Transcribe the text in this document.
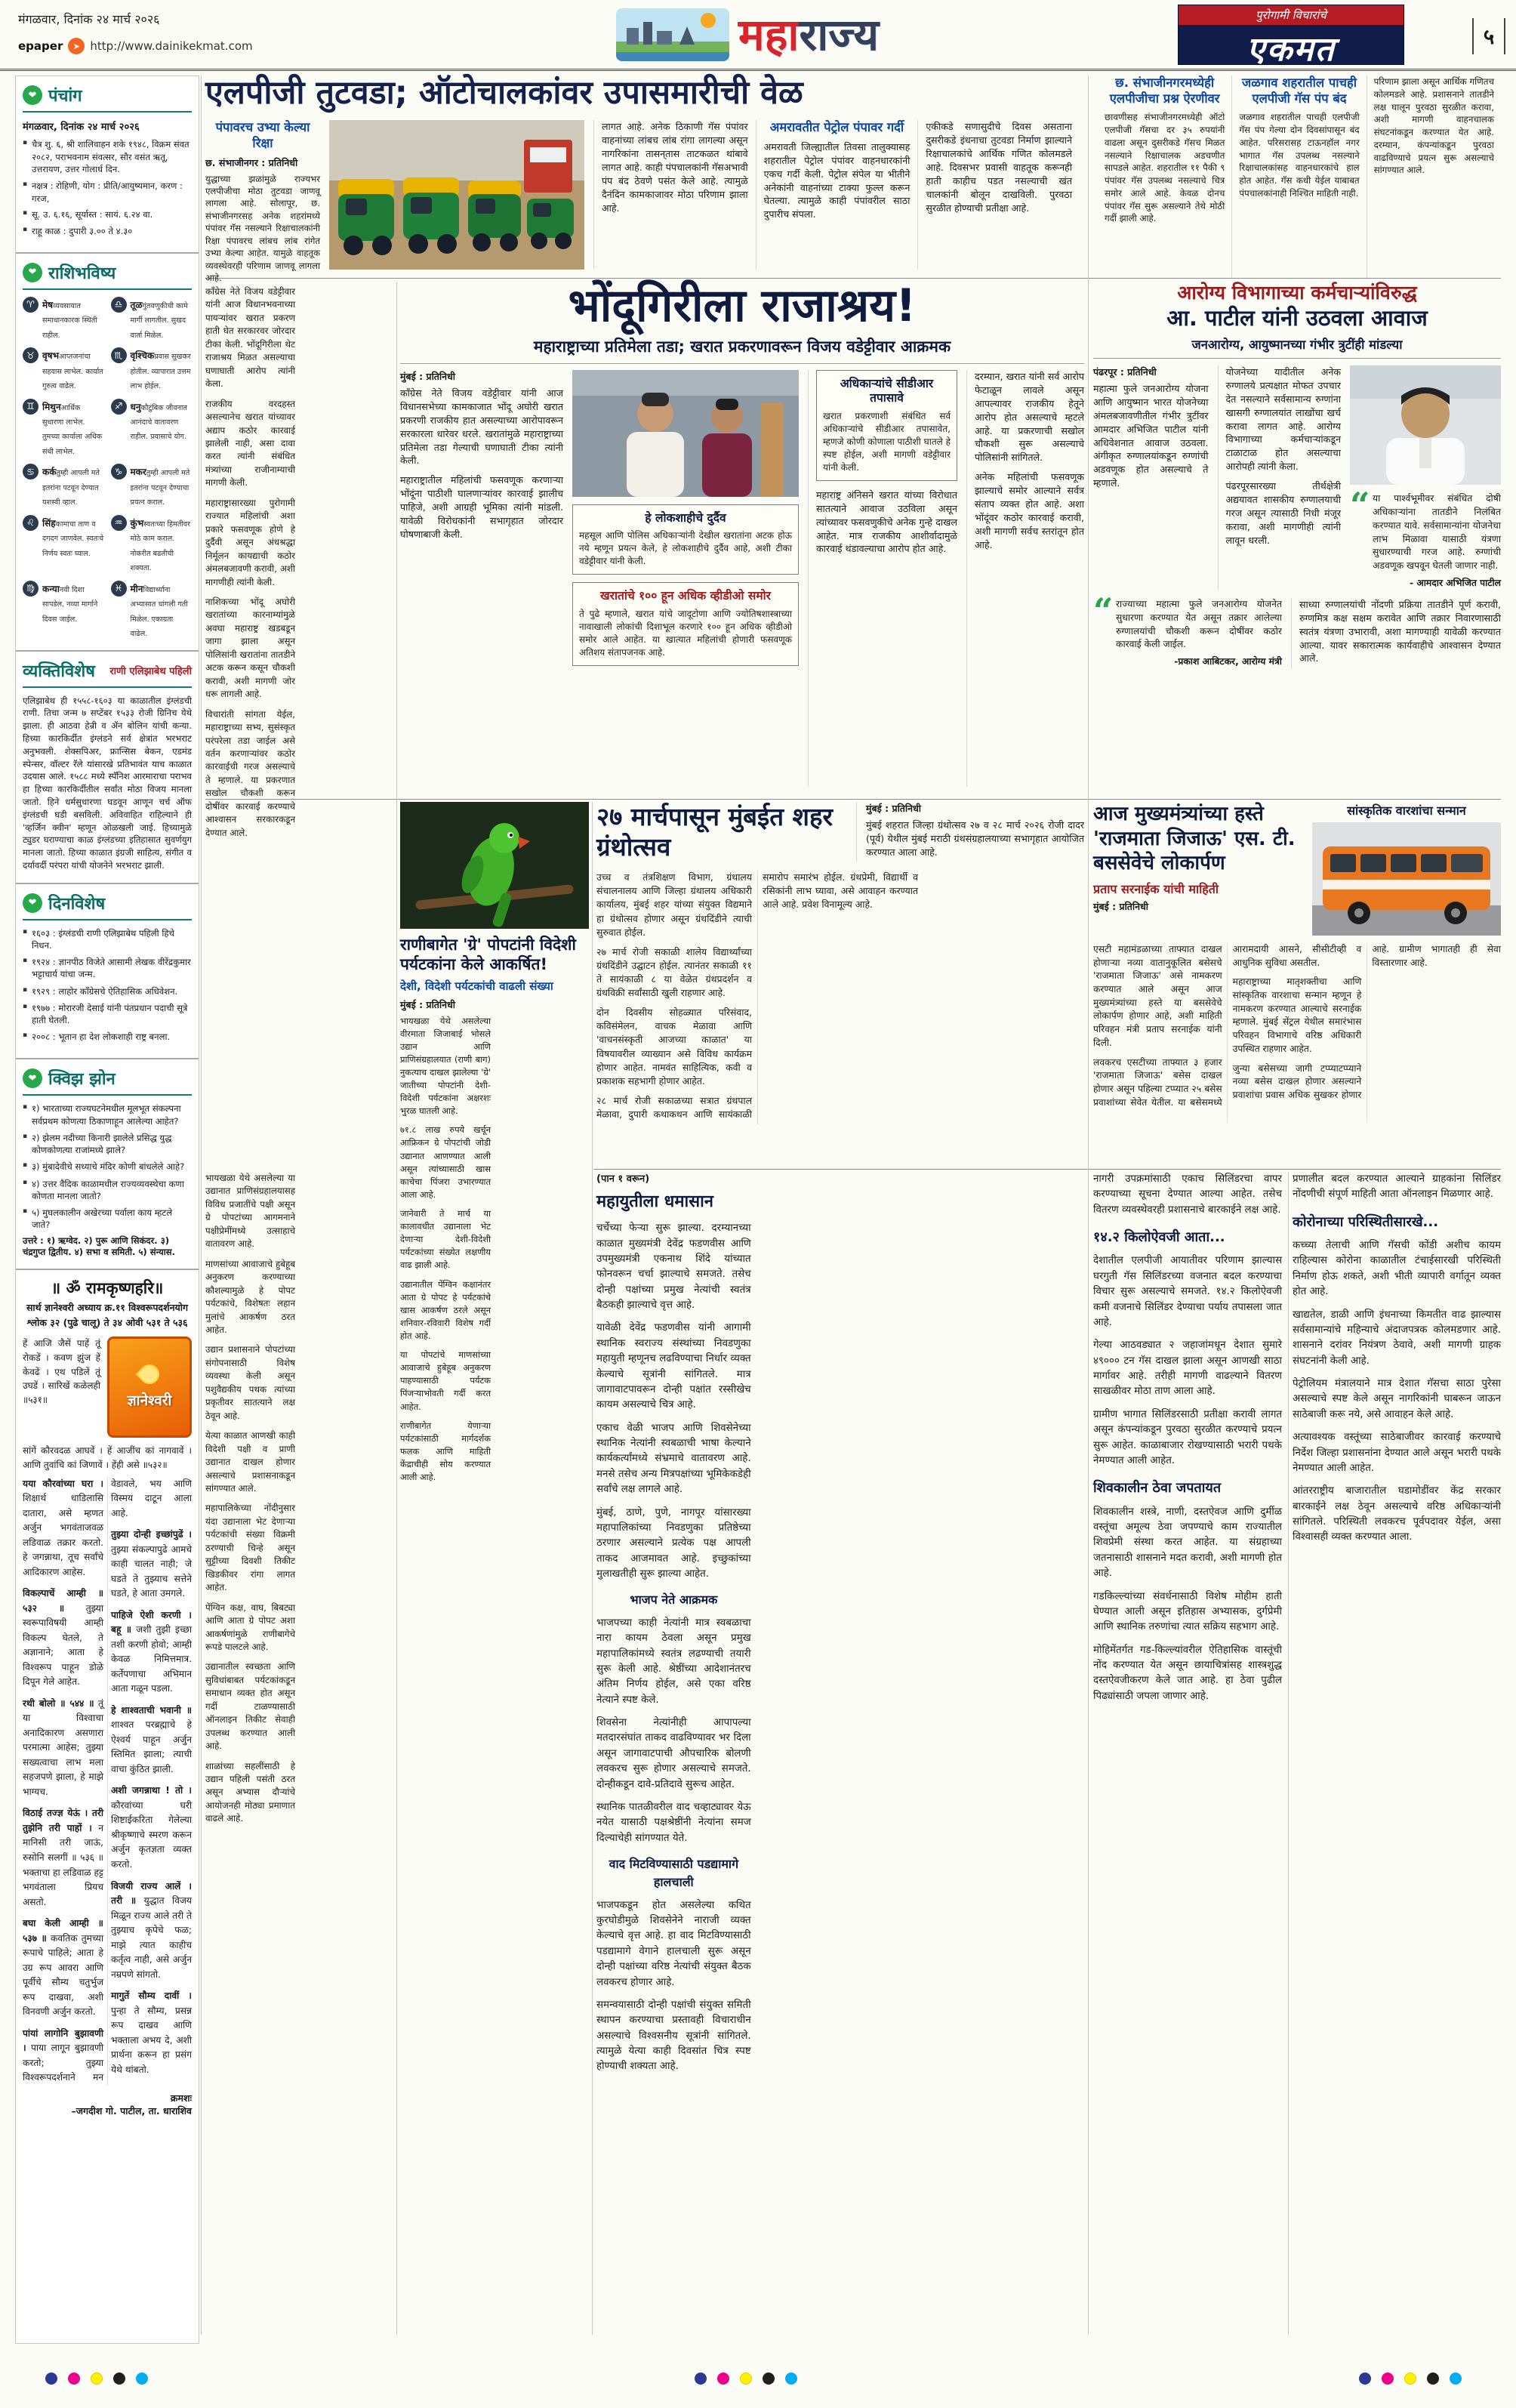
मंगळवार, दिनांक २४ मार्च २०२६
epaper	➤ http://www.dainikekmat.com	महाराज्य	पुरोगामी विचारांचे
एकमत	५
❤ पंचांग
मंगळवार, दिनांक २४ मार्च २०२६
▪ चैत्र शु. ६, श्री शालिवाहन शके १९४८, विक्रम संवत २०८२, पराभवनाम संवत्सर, सौर वसंत ऋतू, उत्तरायण, उत्तर गोलार्ध दिन.
▪ नक्षत्र : रोहिणी, योग : प्रीति/आयुष्यमान, करण : गरज,
▪ सू. उ. ६.१६, सूर्यास्त : सायं. ६.२४ वा.
▪ राहू काळ : दुपारी ३.०० ते ४.३०
❤ राशिभविष्य
♈ मेषव्यवसायात समाधानकारक स्थिती राहील.
♉ वृषभआप्तजनांचा सहवास लाभेल. कार्यात गुरुत्व वाढेल.
♊ मिथुनआर्थिक सुधारणा लाभेल. तुमच्या कार्याला अधिक संधी लाभेल.
♋ कर्कतुम्ही आपली मते इतरांना पटवून देण्यात यशस्वी व्हाल.
♌ सिंहकामाचा ताण व दगदग जाणवेल. स्वतःचे निर्णय स्वतः घ्याल.
♍ कन्यानवी दिशा सापडेल, नव्या मार्गाने दिवस जाईल.
♎ तूळगुंतवणुकीची कामे मार्गी लागतील. सुखद वार्ता मिळेल.
♏ वृश्चिकप्रवास सुखकर होतील. व्यापारात उत्तम लाभ होईल.
♐ धनुकौटुंबिक जीवनात आनंदाचे वातावरण राहील. प्रवासाचे योग.
♑ मकरतुम्ही आपली मते इतरांना पटवून देण्याचा प्रयत्न कराल.
♒ कुंभस्वतःच्या हिमतीवर मोठे काम कराल. नोकरीत बढतीची शक्यता.
♓ मीनविद्यार्थ्यांना अभ्यासात चांगली गती मिळेल. एकाग्रता वाढेल.
व्यक्तिविशेष राणी एलिझाबेथ पहिली
एलिझाबेथ ही १५५८-१६०३ या काळातील इंग्लंडची राणी. तिचा जन्म ७ सप्टेंबर १५३३ रोजी ग्रिनिच येथे झाला. ही आठवा हेन्री व ॲन बोलिन यांची कन्या. हिच्या कारकिर्दीत इंग्लंडने सर्व क्षेत्रांत भरभराट अनुभवली. शेक्सपिअर, फ्रान्सिस बेकन, एडमंड स्पेन्सर, वॉल्टर रॅले यांसारखे प्रतिभावंत याच काळात उदयास आले. १५८८ मध्ये स्पॅनिश आरमाराचा पराभव हा हिच्या कारकिर्दीतील सर्वांत मोठा विजय मानला जातो. हिने धर्मसुधारणा घडवून आणून चर्च ऑफ इंग्लंडची घडी बसविली. अविवाहित राहिल्याने ही 'व्हर्जिन क्वीन' म्हणून ओळखली जाई. हिच्यामुळे ट्युडर घराण्याचा काळ इंग्लंडच्या इतिहासात सुवर्णयुग मानला जातो. हिच्या काळात इंग्रजी साहित्य, संगीत व दर्यावर्दी परंपरा यांची योजनेने भरभराट झाली.
❤ दिनविशेष
▪ १६०३ : इंग्लंडची राणी एलिझाबेथ पहिली हिचे निधन.
▪ १९२४ : ज्ञानपीठ विजेते आसामी लेखक वीरेंद्रकुमार भट्टाचार्य यांचा जन्म.
▪ १९२९ : लाहोर काँग्रेसचे ऐतिहासिक अधिवेशन.
▪ १९७७ : मोरारजी देसाई यांनी पंतप्रधान पदाची सूत्रे हाती घेतली.
▪ २००८ : भूतान हा देश लोकशाही राष्ट्र बनला.
❤ क्विझ झोन
▪ १) भारताच्या राज्यघटनेमधील मूलभूत संकल्पना सर्वप्रथम कोणत्या ठिकाणाहून आलेल्या आहेत?
▪ २) झेलम नदीच्या किनारी झालेले प्रसिद्ध युद्ध कोणकोणत्या राजांमध्ये झाले?
▪ ३) मुंबादेवीचे सध्याचे मंदिर कोणी बांधलेले आहे?
▪ ४) उत्तर वैदिक काळामधील राज्यव्यवस्थेचा कणा कोणता मानला जातो?
▪ ५) मुघलकालीन अखेरच्या पर्वाला काय म्हटले जाते?
उत्तरे : १) ऋग्वेद. २) पुरू आणि सिकंदर. ३) चंद्रगुप्त द्वितीय. ४) सभा व समिती. ५) संन्यास.
॥ ॐ रामकृष्णहरि॥
सार्थ ज्ञानेश्वरी अध्याय क्र.११ विश्वरूपदर्शनयोग
श्लोक ३२ (पुढे चालू) ते ३४ ओवी ५३१ ते ५३६
हें आजि जैसें पाहें तूं रोकडें । कवण झुंज हें केवढें । एथ पडिलें तूं उघडें । सारिखें कळेलही ॥५३१॥	ज्ञानेश्वरी
सांगें कौरवदळ आघवें । हें आजींच कां नागवावें । आणि तुवांचि कां जिणावें । हेंही असे ॥५३२॥

यया कौरवांच्या घरा । शिक्षार्थ धाडिलासि दातारा, असे म्हणत अर्जुन भगवंताजवळ लडिवाळ तक्रार करतो. हे जगन्नाथा, तूच सर्वांचे आदिकारण आहेस.

विकल्पाचें आम्ही ॥ ५३२ ॥ तुझ्या स्वरूपाविषयी आम्ही विकल्प घेतले, ते अज्ञानाने; आता हे विश्वरूप पाहून डोळे दिपून गेले आहेत.

रथी बोलो ॥ ५४४ ॥ तूं या विश्वाचा अनादिकारण असणारा परमात्मा आहेस; तुझ्या सख्यत्वाचा लाभ मला सहजपणे झाला, हे माझे भाग्यच.

विठाई तज्ज्ञ येऊं । तरी तुझेनि तरी पाहों । न मानिसी तरी जाऊं, रुसोनि सलगीं ॥ ५३६ ॥ भक्ताचा हा लडिवाळ हट्ट भगवंताला प्रियच असतो.

बघा केली आम्ही ॥ ५३७ ॥ कवतिक तुमच्या रूपाचे पाहिले; आता हे उग्र रूप आवरा आणि पूर्वीचे सौम्य चतुर्भुज रूप दाखवा, अशी विनवणी अर्जुन करतो.

पांयां लागोनि बुझावणी । पाया लागून बुझावणी करतो; तुझ्या विश्वरूपदर्शनाने मन वेडावले, भय आणि विस्मय दाटून आला आहे.

तुझ्या दोन्ही इच्छांपुढें । तुझ्या संकल्पापुढे आमचे काही चालत नाही; जे घडते ते तुझ्याच सत्तेने घडते, हे आता उमगले.

पाहिजे ऐशी करणी । बहू ॥ जशी तुझी इच्छा तशी करणी होवो; आम्ही केवळ निमित्तमात्र. कर्तेपणाचा अभिमान आता गळून पडला.

हे शाश्वताची भवानी ॥ शाश्वत परब्रह्माचे हे ऐश्वर्य पाहून अर्जुन स्तिमित झाला; त्याची वाचा कुंठित झाली.

अशी जगन्नाथा ! तो । कौरवांच्या घरी शिष्टाईकरिता गेलेल्या श्रीकृष्णाचे स्मरण करून अर्जुन कृतज्ञता व्यक्त करतो.

विजयी राज्य आलें । तरी ॥ युद्धात विजय मिळून राज्य आले तरी ते तुझ्याच कृपेचे फळ; माझे त्यात काहीच कर्तृत्व नाही, असे अर्जुन नम्रपणे सांगतो.

मागुतें सौम्य दावीं । पुन्हा ते सौम्य, प्रसन्न रूप दाखव आणि भक्ताला अभय दे, अशी प्रार्थना करून हा प्रसंग येथे थांबतो.

क्रमशः
–जगदीश गो. पाटील, ता. धाराशिव
एलपीजी तुटवडा; ऑटोचालकांवर उपासमारीची वेळ
पंपावरच उभ्या केल्या रिक्षा
छ. संभाजीनगर : प्रतिनिधी
युद्धाच्या झळांमुळे राज्यभर एलपीजीचा मोठा तुटवडा जाणवू लागला आहे. सोलापूर, छ. संभाजीनगरसह अनेक शहरांमध्ये पंपांवर गॅस नसल्याने रिक्षाचालकांनी रिक्षा पंपावरच लांबच लांब रांगेत उभ्या केल्या आहेत. यामुळे वाहतूक व्यवस्थेवरही परिणाम जाणवू लागला आहे.
लागत आहे. अनेक ठिकाणी गॅस पंपांवर वाहनांच्या लांबच लांब रांगा लागल्या असून नागरिकांना तासन्‌तास ताटकळत थांबावे लागत आहे. काही पंपचालकांनी गॅसअभावी पंप बंद ठेवणे पसंत केले आहे. त्यामुळे दैनंदिन कामकाजावर मोठा परिणाम झाला आहे.
अमरावतीत पेट्रोल पंपावर गर्दी
अमरावती जिल्ह्यातील तिवसा तालुक्यासह शहरातील पेट्रोल पंपांवर वाहनधारकांनी एकच गर्दी केली. पेट्रोल संपेल या भीतीने अनेकांनी वाहनांच्या टाक्या फुल्ल करून घेतल्या. त्यामुळे काही पंपांवरील साठा दुपारीच संपला.
एकीकडे सणासुदीचे दिवस असताना दुसरीकडे इंधनाचा तुटवडा निर्माण झाल्याने रिक्षाचालकांचे आर्थिक गणित कोलमडले आहे. दिवसभर प्रवासी वाहतूक करूनही हाती काहीच पडत नसल्याची खंत चालकांनी बोलून दाखविली. पुरवठा सुरळीत होण्याची प्रतीक्षा आहे.
छ. संभाजीनगरमध्येही एलपीजीचा प्रश्न ऐरणीवर
छावणीसह संभाजीनगरमध्येही ऑटो एलपीजी गॅसचा दर ३५ रुपयांनी वाढला असून दुसरीकडे गॅसच मिळत नसल्याने रिक्षाचालक अडचणीत सापडले आहेत. शहरातील ११ पैकी ९ पंपांवर गॅस उपलब्ध नसल्याचे चित्र समोर आले आहे. केवळ दोनच पंपांवर गॅस सुरू असल्याने तेथे मोठी गर्दी झाली आहे.
जळगाव शहरातील पाचही एलपीजी गॅस पंप बंद
जळगाव शहरातील पाचही एलपीजी गॅस पंप गेल्या दोन दिवसांपासून बंद आहेत. परिसरासह टाऊनहॉल नगर भागात गॅस उपलब्ध नसल्याने रिक्षाचालकांसह वाहनधारकांचे हाल होत आहेत. गॅस कधी येईल याबाबत पंपचालकांनाही निश्चित माहिती नाही.
परिणाम झाला असून आर्थिक गणितच कोलमडले आहे. प्रशासनाने तातडीने लक्ष घालून पुरवठा सुरळीत करावा, अशी मागणी वाहनचालक संघटनांकडून करण्यात येत आहे. दरम्यान, कंपन्यांकडून पुरवठा वाढविण्याचे प्रयत्न सुरू असल्याचे सांगण्यात आले.

काँग्रेस नेते विजय वडेट्टीवार यांनी आज विधानभवनाच्या पायऱ्यांवर खरात प्रकरण हाती घेत सरकारवर जोरदार टीका केली. भोंदूगिरीला थेट राजाश्रय मिळत असल्याचा घणाघाती आरोप त्यांनी केला.

राजकीय वरदहस्त असल्यानेच खरात यांच्यावर अद्याप कठोर कारवाई झालेली नाही, असा दावा करत त्यांनी संबंधित मंत्र्यांच्या राजीनाम्याची मागणी केली.

महाराष्ट्रासारख्या पुरोगामी राज्यात महिलांची अशा प्रकारे फसवणूक होणे हे दुर्दैवी असून अंधश्रद्धा निर्मूलन कायद्याची कठोर अंमलबजावणी करावी, अशी मागणीही त्यांनी केली.

नाशिकच्या भोंदू अघोरी खरातांच्या कारनाम्यांमुळे अवघा महाराष्ट्र खडबडून जागा झाला असून पोलिसांनी खरातांना तातडीने अटक करून कसून चौकशी करावी, अशी मागणी जोर धरू लागली आहे.

विचारांती सांगता येईल, महाराष्ट्राच्या सभ्य, सुसंस्कृत परंपरेला तडा जाईल असे वर्तन करणाऱ्यांवर कठोर कारवाईची गरज असल्याचे ते म्हणाले. या प्रकरणात सखोल चौकशी करून दोषींवर कारवाई करण्याचे आश्वासन सरकारकडून देण्यात आले.

भोंदूगिरीला राजाश्रय!
महाराष्ट्राच्या प्रतिमेला तडा; खरात प्रकरणावरून विजय वडेट्टीवार आक्रमक
मुंबई : प्रतिनिधी

काँग्रेस नेते विजय वडेट्टीवार यांनी आज विधानसभेच्या कामकाजात भोंदू अघोरी खरात प्रकरणी राजकीय हात असल्याच्या आरोपावरून सरकारला धारेवर धरले. खरातांमुळे महाराष्ट्राच्या प्रतिमेला तडा गेल्याची घणाघाती टीका त्यांनी केली.

महाराष्ट्रातील महिलांची फसवणूक करणाऱ्या भोंदूंना पाठीशी घालणाऱ्यांवर कारवाई झालीच पाहिजे, अशी आग्रही भूमिका त्यांनी मांडली. यावेळी विरोधकांनी सभागृहात जोरदार घोषणाबाजी केली.

हे लोकशाहीचे दुर्दैव
महसूल आणि पोलिस अधिकाऱ्यांनी देखील खरातांना अटक होऊ नये म्हणून प्रयत्न केले, हे लोकशाहीचे दुर्दैव आहे, अशी टीका वडेट्टीवार यांनी केली.
खरातांचे १०० हून अधिक व्हीडीओ समोर
ते पुढे म्हणाले, खरात यांचे जादूटोणा आणि ज्योतिषशास्त्राच्या नावाखाली लोकांची दिशाभूल करणारे १०० हून अधिक व्हीडीओ समोर आले आहेत. या खात्यात महिलांची होणारी फसवणूक अतिशय संतापजनक आहे.
अधिकाऱ्यांचे सीडीआर तपासावे
खरात प्रकरणाशी संबंधित सर्व अधिकाऱ्यांचे सीडीआर तपासावेत, म्हणजे कोणी कोणाला पाठीशी घातले हे स्पष्ट होईल, अशी मागणी वडेट्टीवार यांनी केली.
महाराष्ट्र अंनिसने खरात यांच्या विरोधात सातत्याने आवाज उठविला असून त्यांच्यावर फसवणुकीचे अनेक गुन्हे दाखल आहेत. मात्र राजकीय आशीर्वादामुळे कारवाई थंडावल्याचा आरोप होत आहे.

दरम्यान, खरात यांनी सर्व आरोप फेटाळून लावले असून आपल्यावर राजकीय हेतूने आरोप होत असल्याचे म्हटले आहे. या प्रकरणाची सखोल चौकशी सुरू असल्याचे पोलिसांनी सांगितले.

अनेक महिलांची फसवणूक झाल्याचे समोर आल्याने सर्वत्र संताप व्यक्त होत आहे. अशा भोंदूंवर कठोर कारवाई करावी, अशी मागणी सर्वच स्तरांतून होत आहे.

आरोग्य विभागाच्या कर्मचाऱ्यांविरुद्ध
आ. पाटील यांनी उठवला आवाज
जनआरोग्य, आयुष्मानच्या गंभीर त्रुटींही मांडल्या
पंढरपूर : प्रतिनिधी
महात्मा फुले जनआरोग्य योजना आणि आयुष्मान भारत योजनेच्या अंमलबजावणीतील गंभीर त्रुटींवर आमदार अभिजित पाटील यांनी अधिवेशनात आवाज उठवला. अंगीकृत रुग्णालयांकडून रुग्णांची अडवणूक होत असल्याचे ते म्हणाले.

योजनेच्या यादीतील अनेक रुग्णालये प्रत्यक्षात मोफत उपचार देत नसल्याने सर्वसामान्य रुग्णांना खासगी रुग्णालयांत लाखोंचा खर्च करावा लागत आहे. आरोग्य विभागाच्या कर्मचाऱ्यांकडून टाळाटाळ होत असल्याचा आरोपही त्यांनी केला.

पंढरपूरसारख्या तीर्थक्षेत्री अद्ययावत शासकीय रुग्णालयाची गरज असून त्यासाठी निधी मंजूर करावा, अशी मागणीही त्यांनी लावून धरली.

“ या पार्श्वभूमीवर संबंधित दोषी अधिकाऱ्यांना तातडीने निलंबित करण्यात यावे. सर्वसामान्यांना योजनेचा लाभ मिळावा यासाठी यंत्रणा सुधारण्याची गरज आहे. रुग्णांची अडवणूक खपवून घेतली जाणार नाही.
- आमदार अभिजित पाटील
“ राज्याच्या महात्मा फुले जनआरोग्य योजनेत सुधारणा करण्यात येत असून तक्रार आलेल्या रुग्णालयांची चौकशी करून दोषींवर कठोर कारवाई केली जाईल.
-प्रकाश आबिटकर, आरोग्य मंत्री
साध्या रुग्णालयांची नोंदणी प्रक्रिया तातडीने पूर्ण करावी, रुग्णमित्र कक्ष सक्षम करावेत आणि तक्रार निवारणासाठी स्वतंत्र यंत्रणा उभारावी, अशा मागण्याही यावेळी करण्यात आल्या. यावर सकारात्मक कार्यवाहीचे आश्वासन देण्यात आले.
राणीबागेत 'ग्रे' पोपटांनी विदेशी पर्यटकांना केले आकर्षित!
देशी, विदेशी पर्यटकांची वाढली संख्या
मुंबई : प्रतिनिधी

भायखळा येथे असलेल्या वीरमाता जिजाबाई भोसले उद्यान आणि प्राणिसंग्रहालयात (राणी बाग) नुकत्याच दाखल झालेल्या 'ग्रे' जातीच्या पोपटांनी देशी-विदेशी पर्यटकांना अक्षरशः भुरळ घातली आहे.

७१.८ लाख रुपये खर्चून आफ्रिकन ग्रे पोपटांची जोडी उद्यानात आणण्यात आली असून त्यांच्यासाठी खास काचेचा पिंजरा उभारण्यात आला आहे.

जानेवारी ते मार्च या कालावधीत उद्यानाला भेट देणाऱ्या देशी-विदेशी पर्यटकांच्या संख्येत लक्षणीय वाढ झाली आहे.

उद्यानातील पेंग्विन कक्षानंतर आता ग्रे पोपट हे पर्यटकांचे खास आकर्षण ठरले असून शनिवार-रविवारी विशेष गर्दी होत आहे.

या पोपटांचे माणसांच्या आवाजाचे हुबेहूब अनुकरण पाहण्यासाठी पर्यटक पिंजऱ्याभोवती गर्दी करत आहेत.

राणीबागेत येणाऱ्या पर्यटकांसाठी मार्गदर्शक फलक आणि माहिती केंद्राचीही सोय करण्यात आली आहे.

२७ मार्चपासून मुंबईत शहर ग्रंथोत्सव
मुंबई : प्रतिनिधी
मुंबई शहरात जिल्हा ग्रंथोत्सव २७ व २८ मार्च २०२६ रोजी दादर (पूर्व) येथील मुंबई मराठी ग्रंथसंग्रहालयाच्या सभागृहात आयोजित करण्यात आला आहे.

उच्च व तंत्रशिक्षण विभाग, ग्रंथालय संचालनालय आणि जिल्हा ग्रंथालय अधिकारी कार्यालय, मुंबई शहर यांच्या संयुक्त विद्यमाने हा ग्रंथोत्सव होणार असून ग्रंथदिंडीने त्याची सुरुवात होईल.

२७ मार्च रोजी सकाळी शालेय विद्यार्थ्यांच्या ग्रंथदिंडीने उद्घाटन होईल. त्यानंतर सकाळी ११ ते सायंकाळी ८ या वेळेत ग्रंथप्रदर्शन व ग्रंथविक्री सर्वांसाठी खुली राहणार आहे.

दोन दिवसीय सोहळ्यात परिसंवाद, कविसंमेलन, वाचक मेळावा आणि 'वाचनसंस्कृती आजच्या काळात' या विषयावरील व्याख्यान असे विविध कार्यक्रम होणार आहेत. नामवंत साहित्यिक, कवी व प्रकाशक सहभागी होणार आहेत.

२८ मार्च रोजी सकाळच्या सत्रात ग्रंथपाल मेळावा, दुपारी कथाकथन आणि सायंकाळी समारोप समारंभ होईल. ग्रंथप्रेमी, विद्यार्थी व रसिकांनी लाभ घ्यावा, असे आवाहन करण्यात आले आहे. प्रवेश विनामूल्य आहे.

आज मुख्यमंत्र्यांच्या हस्ते 'राजमाता जिजाऊ' एस. टी. बससेवेचे लोकार्पण
प्रताप सरनाईक यांची माहिती
मुंबई : प्रतिनिधी
सांस्कृतिक वारशांचा सन्मान

एसटी महामंडळाच्या ताफ्यात दाखल होणाऱ्या नव्या वातानुकूलित बसेसचे 'राजमाता जिजाऊ' असे नामकरण करण्यात आले असून आज मुख्यमंत्र्यांच्या हस्ते या बससेवेचे लोकार्पण होणार आहे, अशी माहिती परिवहन मंत्री प्रताप सरनाईक यांनी दिली.

लवकरच एसटीच्या ताफ्यात ३ हजार 'राजमाता जिजाऊ' बसेस दाखल होणार असून पहिल्या टप्प्यात २५ बसेस प्रवाशांच्या सेवेत येतील. या बसेसमध्ये आरामदायी आसने, सीसीटीव्ही व आधुनिक सुविधा असतील.

महाराष्ट्राच्या मातृशक्तीचा आणि सांस्कृतिक वारशाचा सन्मान म्हणून हे नामकरण करण्यात आल्याचे सरनाईक म्हणाले. मुंबई सेंट्रल येथील समारंभास परिवहन विभागाचे वरिष्ठ अधिकारी उपस्थित राहणार आहेत.

जुन्या बसेसच्या जागी टप्प्याटप्प्याने नव्या बसेस दाखल होणार असल्याने प्रवाशांचा प्रवास अधिक सुखकर होणार आहे. ग्रामीण भागातही ही सेवा विस्तारणार आहे.

भायखळा येथे असलेल्या या उद्यानात प्राणिसंग्रहालयासह विविध प्रजातींचे पक्षी असून ग्रे पोपटांच्या आगमनाने पक्षीप्रेमींमध्ये उत्साहाचे वातावरण आहे.

माणसांच्या आवाजाचे हुबेहूब अनुकरण करण्याच्या कौशल्यामुळे हे पोपट पर्यटकांचे, विशेषतः लहान मुलांचे आकर्षण ठरत आहेत.

उद्यान प्रशासनाने पोपटांच्या संगोपनासाठी विशेष व्यवस्था केली असून पशुवैद्यकीय पथक त्यांच्या प्रकृतीवर सातत्याने लक्ष ठेवून आहे.

येत्या काळात आणखी काही विदेशी पक्षी व प्राणी उद्यानात दाखल होणार असल्याचे प्रशासनाकडून सांगण्यात आले.

महापालिकेच्या नोंदीनुसार यंदा उद्यानाला भेट देणाऱ्या पर्यटकांची संख्या विक्रमी ठरण्याची चिन्हे असून सुट्टीच्या दिवशी तिकीट खिडकीवर रांगा लागत आहेत.

पेंग्विन कक्ष, वाघ, बिबट्या आणि आता ग्रे पोपट अशा आकर्षणांमुळे राणीबागेचे रूपडे पालटले आहे.

उद्यानातील स्वच्छता आणि सुविधांबाबत पर्यटकांकडून समाधान व्यक्त होत असून गर्दी टाळण्यासाठी ऑनलाइन तिकीट सेवाही उपलब्ध करण्यात आली आहे.

शाळांच्या सहलींसाठी हे उद्यान पहिली पसंती ठरत असून अभ्यास दौऱ्यांचे आयोजनही मोठ्या प्रमाणात वाढले आहे.

(पान १ वरून)
महायुतीला धमासान

चर्चेच्या फेऱ्या सुरू झाल्या. दरम्यानच्या काळात मुख्यमंत्री देवेंद्र फडणवीस आणि उपमुख्यमंत्री एकनाथ शिंदे यांच्यात फोनवरून चर्चा झाल्याचे समजते. तसेच दोन्ही पक्षांच्या प्रमुख नेत्यांची स्वतंत्र बैठकही झाल्याचे वृत्त आहे.

यावेळी देवेंद्र फडणवीस यांनी आगामी स्थानिक स्वराज्य संस्थांच्या निवडणुका महायुती म्हणूनच लढविण्याचा निर्धार व्यक्त केल्याचे सूत्रांनी सांगितले. मात्र जागावाटपावरून दोन्ही पक्षांत रस्सीखेच कायम असल्याचे चित्र आहे.

एकाच वेळी भाजप आणि शिवसेनेच्या स्थानिक नेत्यांनी स्वबळाची भाषा केल्याने कार्यकर्त्यांमध्ये संभ्रमाचे वातावरण आहे. मनसे तसेच अन्य मित्रपक्षांच्या भूमिकेकडेही सर्वांचे लक्ष लागले आहे.

मुंबई, ठाणे, पुणे, नागपूर यांसारख्या महापालिकांच्या निवडणुका प्रतिष्ठेच्या ठरणार असल्याने प्रत्येक पक्ष आपली ताकद आजमावत आहे. इच्छुकांच्या मुलाखतीही सुरू झाल्या आहेत.

भाजप नेते आक्रमक

भाजपच्या काही नेत्यांनी मात्र स्वबळाचा नारा कायम ठेवला असून प्रमुख महापालिकांमध्ये स्वतंत्र लढण्याची तयारी सुरू केली आहे. श्रेष्ठींच्या आदेशानंतरच अंतिम निर्णय होईल, असे एका वरिष्ठ नेत्याने स्पष्ट केले.

शिवसेना नेत्यांनीही आपापल्या मतदारसंघांत ताकद वाढविण्यावर भर दिला असून जागावाटपाची औपचारिक बोलणी लवकरच सुरू होणार असल्याचे समजते. दोन्हीकडून दावे-प्रतिदावे सुरूच आहेत.

स्थानिक पातळीवरील वाद चव्हाट्यावर येऊ नयेत यासाठी पक्षश्रेष्ठींनी नेत्यांना समज दिल्याचेही सांगण्यात येते.

वाद मिटविण्यासाठी पडद्यामागे हालचाली

भाजपकडून होत असलेल्या कथित कुरघोडीमुळे शिवसेनेने नाराजी व्यक्त केल्याचे वृत्त आहे. हा वाद मिटविण्यासाठी पडद्यामागे वेगाने हालचाली सुरू असून दोन्ही पक्षांच्या वरिष्ठ नेत्यांची संयुक्त बैठक लवकरच होणार आहे.

समन्वयासाठी दोन्ही पक्षांची संयुक्त समिती स्थापन करण्याचा प्रस्तावही विचाराधीन असल्याचे विश्वसनीय सूत्रांनी सांगितले. त्यामुळे येत्या काही दिवसांत चित्र स्पष्ट होण्याची शक्यता आहे.

नागरी उपक्रमांसाठी एकाच सिलिंडरचा वापर करण्याच्या सूचना देण्यात आल्या आहेत. तसेच वितरण व्यवस्थेवरही प्रशासनाचे बारकाईने लक्ष आहे.

१४.२ किलोऐवजी आता...

देशातील एलपीजी आयातीवर परिणाम झाल्यास घरगुती गॅस सिलिंडरच्या वजनात बदल करण्याचा विचार सुरू असल्याचे समजते. १४.२ किलोऐवजी कमी वजनाचे सिलिंडर देण्याचा पर्याय तपासला जात आहे.

गेल्या आठवड्यात २ जहाजांमधून देशात सुमारे ४९००० टन गॅस दाखल झाला असून आणखी साठा मार्गावर आहे. तरीही मागणी वाढल्याने वितरण साखळीवर मोठा ताण आला आहे.

ग्रामीण भागात सिलिंडरसाठी प्रतीक्षा करावी लागत असून कंपन्यांकडून पुरवठा सुरळीत करण्याचे प्रयत्न सुरू आहेत. काळाबाजार रोखण्यासाठी भरारी पथके नेमण्यात आली आहेत.

शिवकालीन ठेवा जपतायत

शिवकालीन शस्त्रे, नाणी, दस्तऐवज आणि दुर्मीळ वस्तूंचा अमूल्य ठेवा जपण्याचे काम राज्यातील शिवप्रेमी संस्था करत आहेत. या संग्रहाच्या जतनासाठी शासनाने मदत करावी, अशी मागणी होत आहे.

गडकिल्ल्यांच्या संवर्धनासाठी विशेष मोहीम हाती घेण्यात आली असून इतिहास अभ्यासक, दुर्गप्रेमी आणि स्थानिक तरुणांचा त्यात सक्रिय सहभाग आहे.

मोहिमेंतर्गत गड-किल्ल्यांवरील ऐतिहासिक वास्तूंची नोंद करण्यात येत असून छायाचित्रांसह शास्त्रशुद्ध दस्तऐवजीकरण केले जात आहे. हा ठेवा पुढील पिढ्यांसाठी जपला जाणार आहे.

प्रणालीत बदल करण्यात आल्याने ग्राहकांना सिलिंडर नोंदणीची संपूर्ण माहिती आता ऑनलाइन मिळणार आहे.

कोरोनाच्या परिस्थितीसारखे...

कच्च्या तेलाची आणि गॅसची कोंडी अशीच कायम राहिल्यास कोरोना काळातील टंचाईसारखी परिस्थिती निर्माण होऊ शकते, अशी भीती व्यापारी वर्गातून व्यक्त होत आहे.

खाद्यतेल, डाळी आणि इंधनाच्या किमतीत वाढ झाल्यास सर्वसामान्यांचे महिन्याचे अंदाजपत्रक कोलमडणार आहे. शासनाने दरांवर नियंत्रण ठेवावे, अशी मागणी ग्राहक संघटनांनी केली आहे.

पेट्रोलियम मंत्रालयाने मात्र देशात गॅसचा साठा पुरेसा असल्याचे स्पष्ट केले असून नागरिकांनी घाबरून जाऊन साठेबाजी करू नये, असे आवाहन केले आहे.

अत्यावश्यक वस्तूंच्या साठेबाजीवर कारवाई करण्याचे निर्देश जिल्हा प्रशासनांना देण्यात आले असून भरारी पथके नेमण्यात आली आहेत.

आंतरराष्ट्रीय बाजारातील घडामोडींवर केंद्र सरकार बारकाईने लक्ष ठेवून असल्याचे वरिष्ठ अधिकाऱ्यांनी सांगितले. परिस्थिती लवकरच पूर्वपदावर येईल, असा विश्वासही व्यक्त करण्यात आला.
